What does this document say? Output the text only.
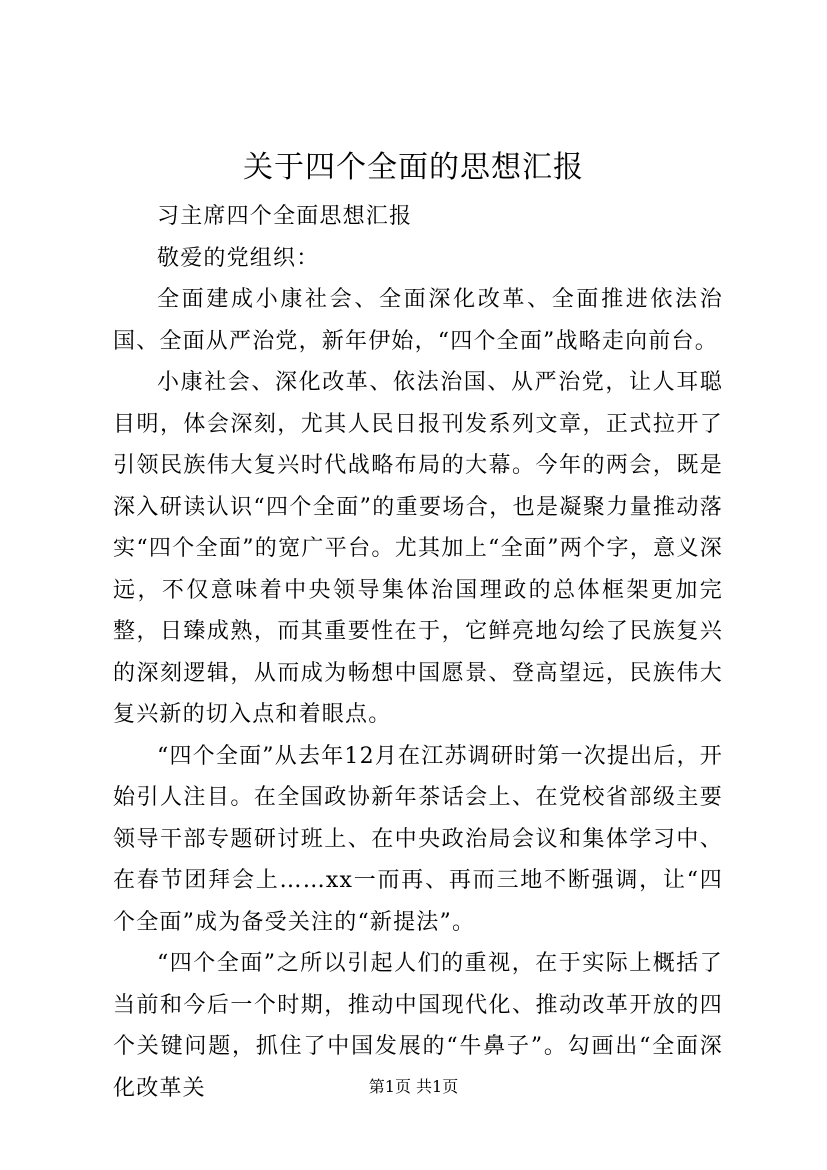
关于四个全面的思想汇报

习主席四个全面思想汇报

敬爱的党组织：

全面建成小康社会、全面深化改革、全面推进依法治国、全面从严治党，新年伊始，“四个全面”战略走向前台。

小康社会、深化改革、依法治国、从严治党，让人耳聪目明，体会深刻，尤其人民日报刊发系列文章，正式拉开了引领民族伟大复兴时代战略布局的大幕。今年的两会，既是深入研读认识“四个全面”的重要场合，也是凝聚力量推动落实“四个全面”的宽广平台。尤其加上“全面”两个字，意义深远，不仅意味着中央领导集体治国理政的总体框架更加完整，日臻成熟，而其重要性在于，它鲜亮地勾绘了民族复兴的深刻逻辑，从而成为畅想中国愿景、登高望远，民族伟大复兴新的切入点和着眼点。

“四个全面”从去年12月在江苏调研时第一次提出后，开始引人注目。在全国政协新年茶话会上、在党校省部级主要领导干部专题研讨班上、在中央政治局会议和集体学习中、在春节团拜会上……xx一而再、再而三地不断强调，让“四个全面”成为备受关注的“新提法”。

“四个全面”之所以引起人们的重视，在于实际上概括了当前和今后一个时期，推动中国现代化、推动改革开放的四个关键问题，抓住了中国发展的“牛鼻子”。勾画出“全面深化改革关	第1页 共1页
